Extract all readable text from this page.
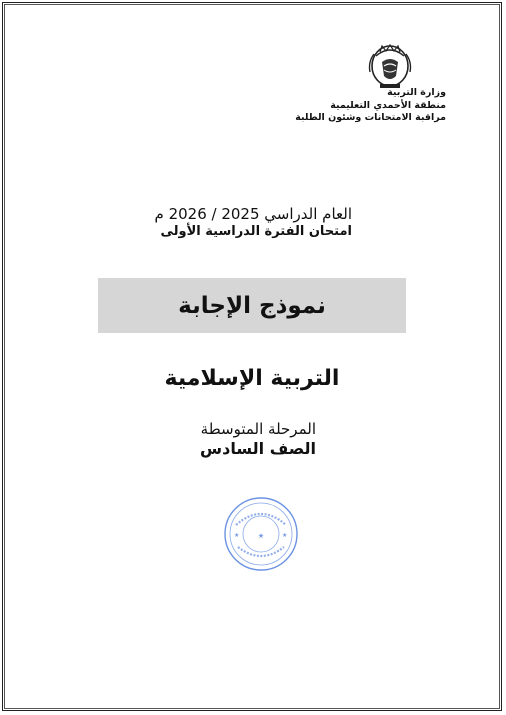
وزارة التربية
منطقة الأحمدي التعليمية
مراقبة الامتحانات وشئون الطلبة
العام الدراسي 2025 / 2026 م
امتحان الفترة الدراسية الأولى
نموذج الإجابة
التربية الإسلامية
المرحلة المتوسطة
الصف السادس
★
★	★
